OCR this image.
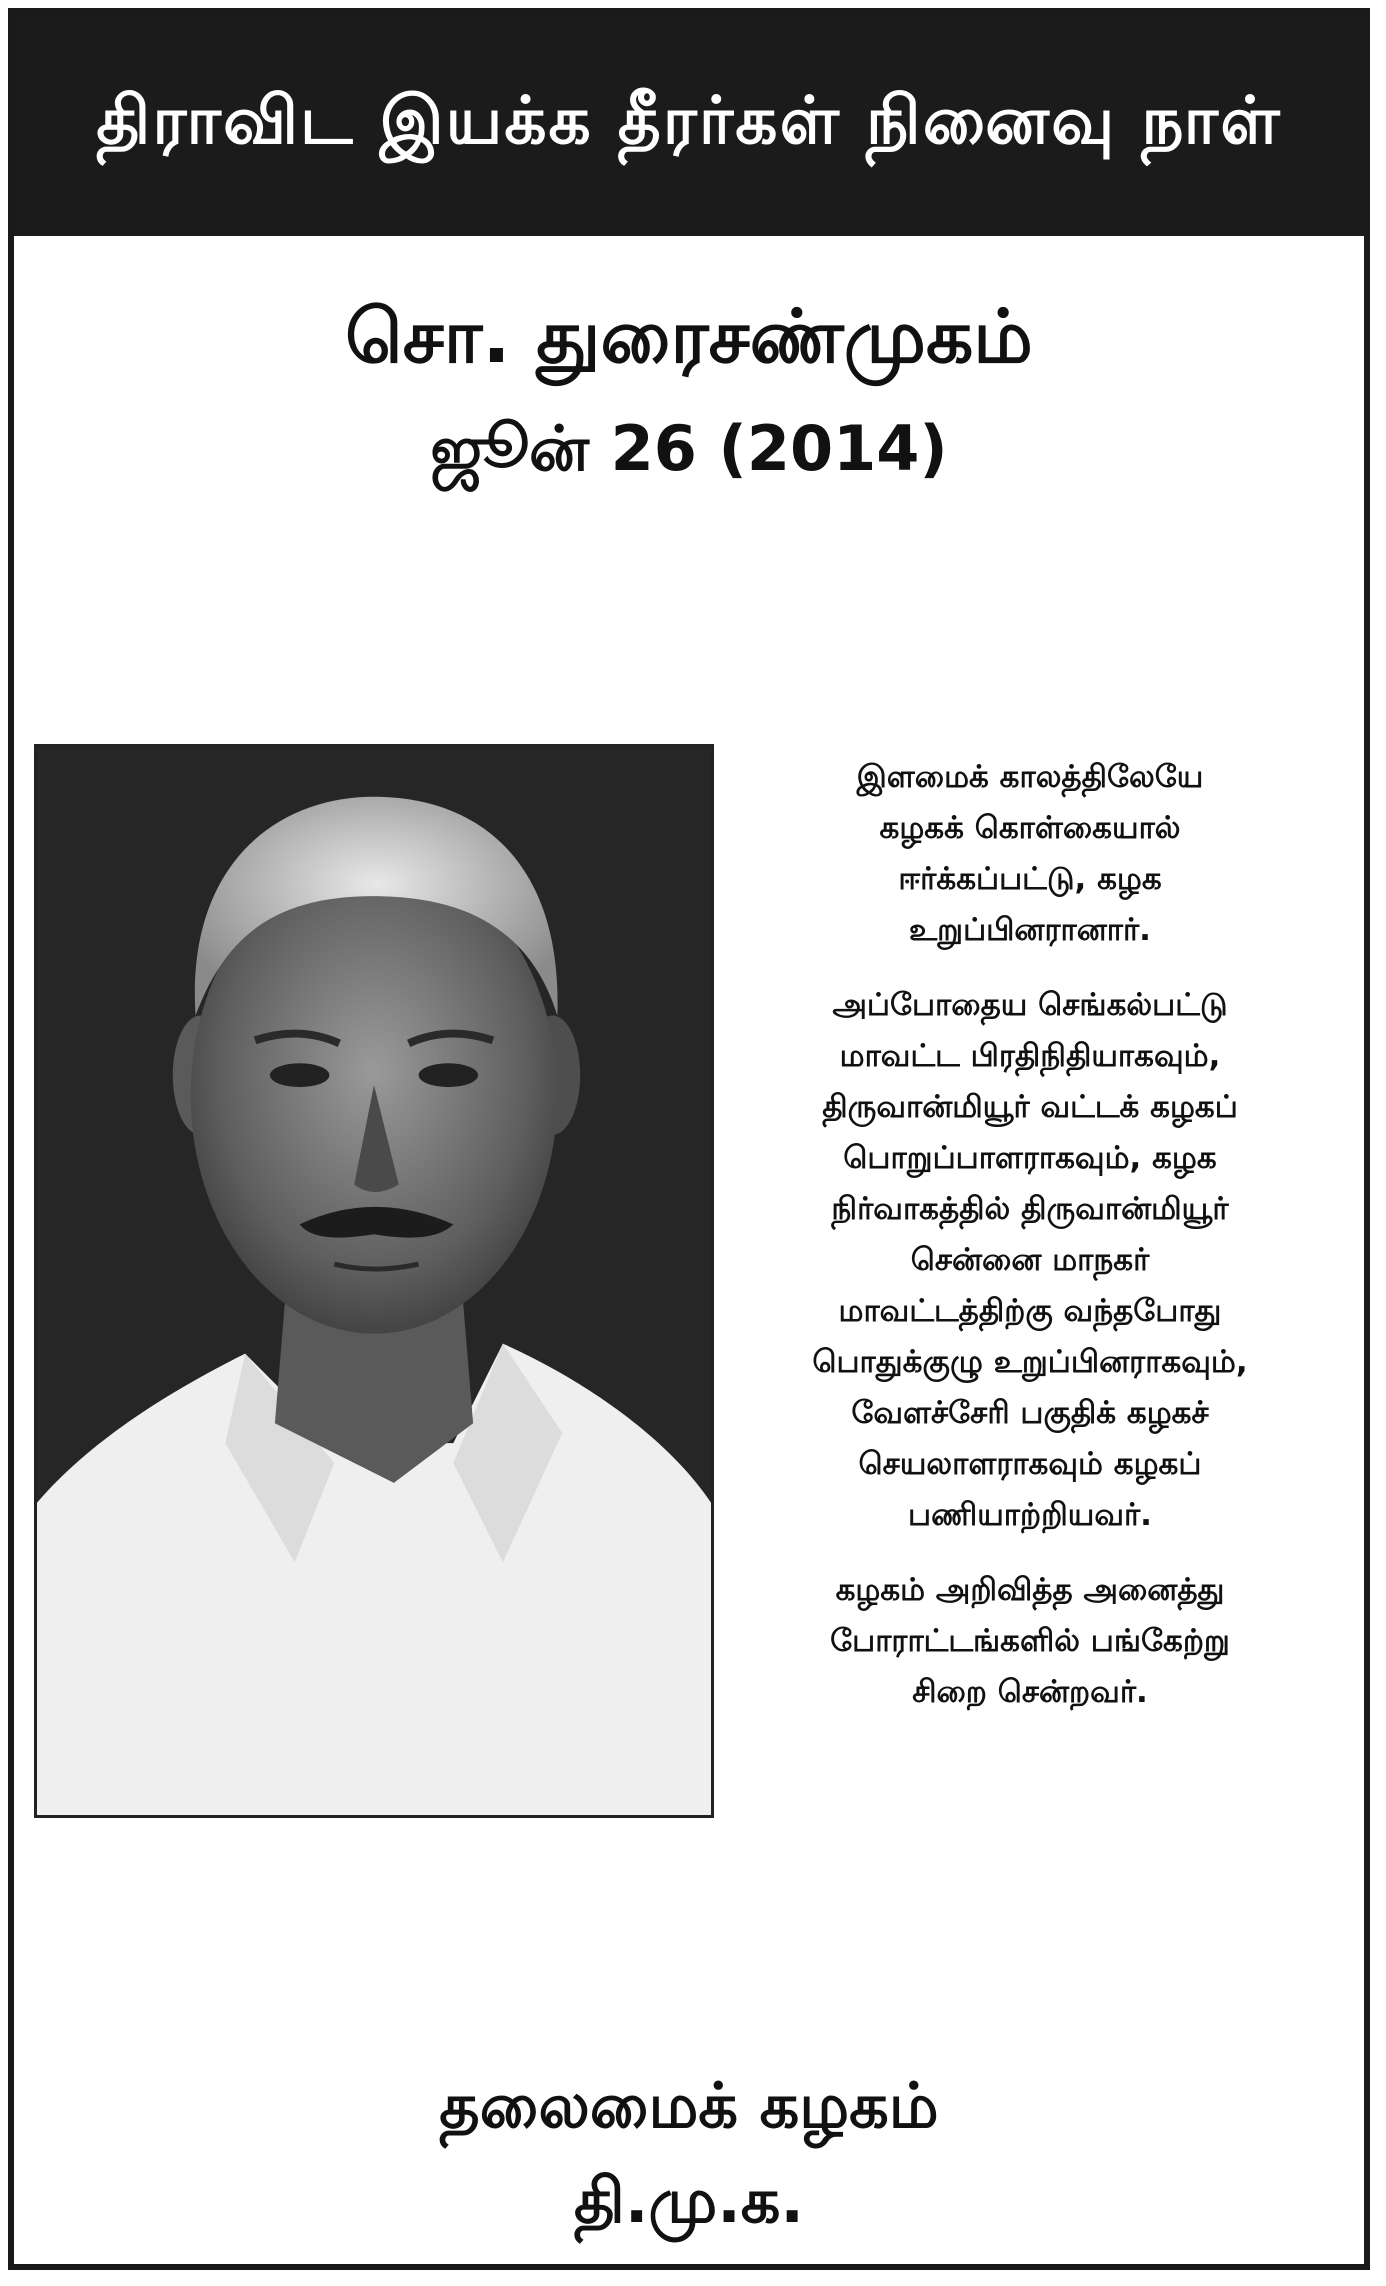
திராவிட இயக்க தீரர்கள் நினைவு நாள்
சொ. துரைசண்முகம்
ஜூன் 26 (2014)

இளமைக் காலத்திலேயே
கழகக் கொள்கையால்
ஈர்க்கப்பட்டு, கழக
உறுப்பினரானார்.

அப்போதைய செங்கல்பட்டு
மாவட்ட பிரதிநிதியாகவும்,
திருவான்மியூர் வட்டக் கழகப்
பொறுப்பாளராகவும், கழக
நிர்வாகத்தில் திருவான்மியூர்
சென்னை மாநகர்
மாவட்டத்திற்கு வந்தபோது
பொதுக்குழு உறுப்பினராகவும்,
வேளச்சேரி பகுதிக் கழகச்
செயலாளராகவும் கழகப்
பணியாற்றியவர்.

கழகம் அறிவித்த அனைத்து
போராட்டங்களில் பங்கேற்று
சிறை சென்றவர்.

தலைமைக் கழகம்
தி.மு.க.
